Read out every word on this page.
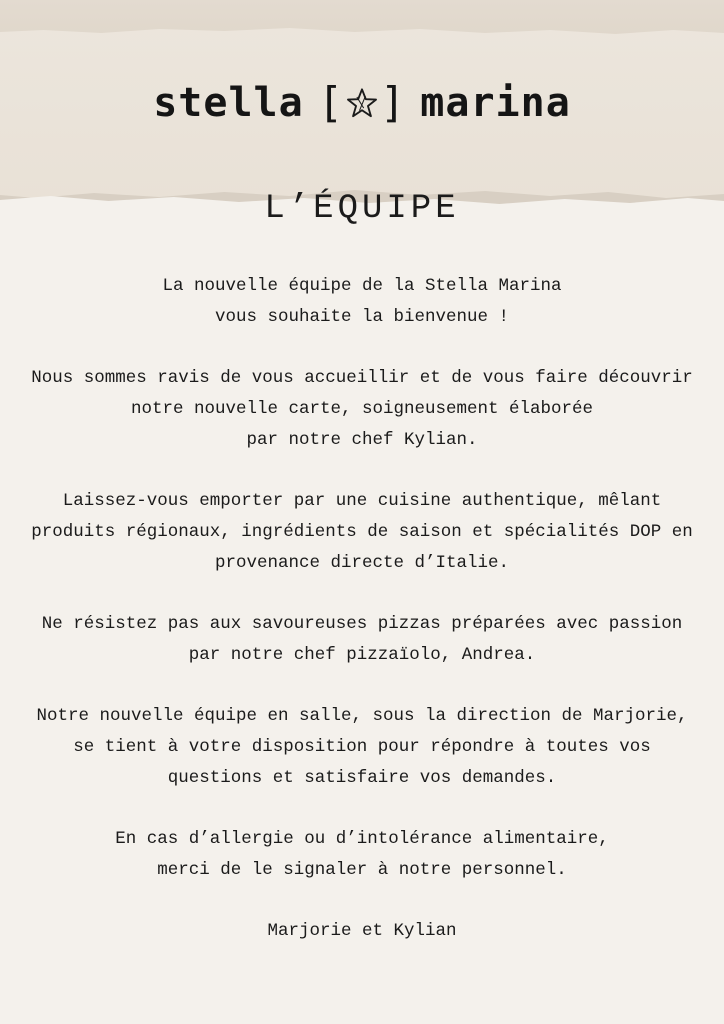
stella [ ] marina
L’ÉQUIPE

La nouvelle équipe de la Stella Marina
vous souhaite la bienvenue !

Nous sommes ravis de vous accueillir et de vous faire découvrir
notre nouvelle carte, soigneusement élaborée
par notre chef Kylian.

Laissez-vous emporter par une cuisine authentique, mêlant
produits régionaux, ingrédients de saison et spécialités DOP en
provenance directe d’Italie.

Ne résistez pas aux savoureuses pizzas préparées avec passion
par notre chef pizzaïolo, Andrea.

Notre nouvelle équipe en salle, sous la direction de Marjorie,
se tient à votre disposition pour répondre à toutes vos
questions et satisfaire vos demandes.

En cas d’allergie ou d’intolérance alimentaire,
merci de le signaler à notre personnel.

Marjorie et Kylian
